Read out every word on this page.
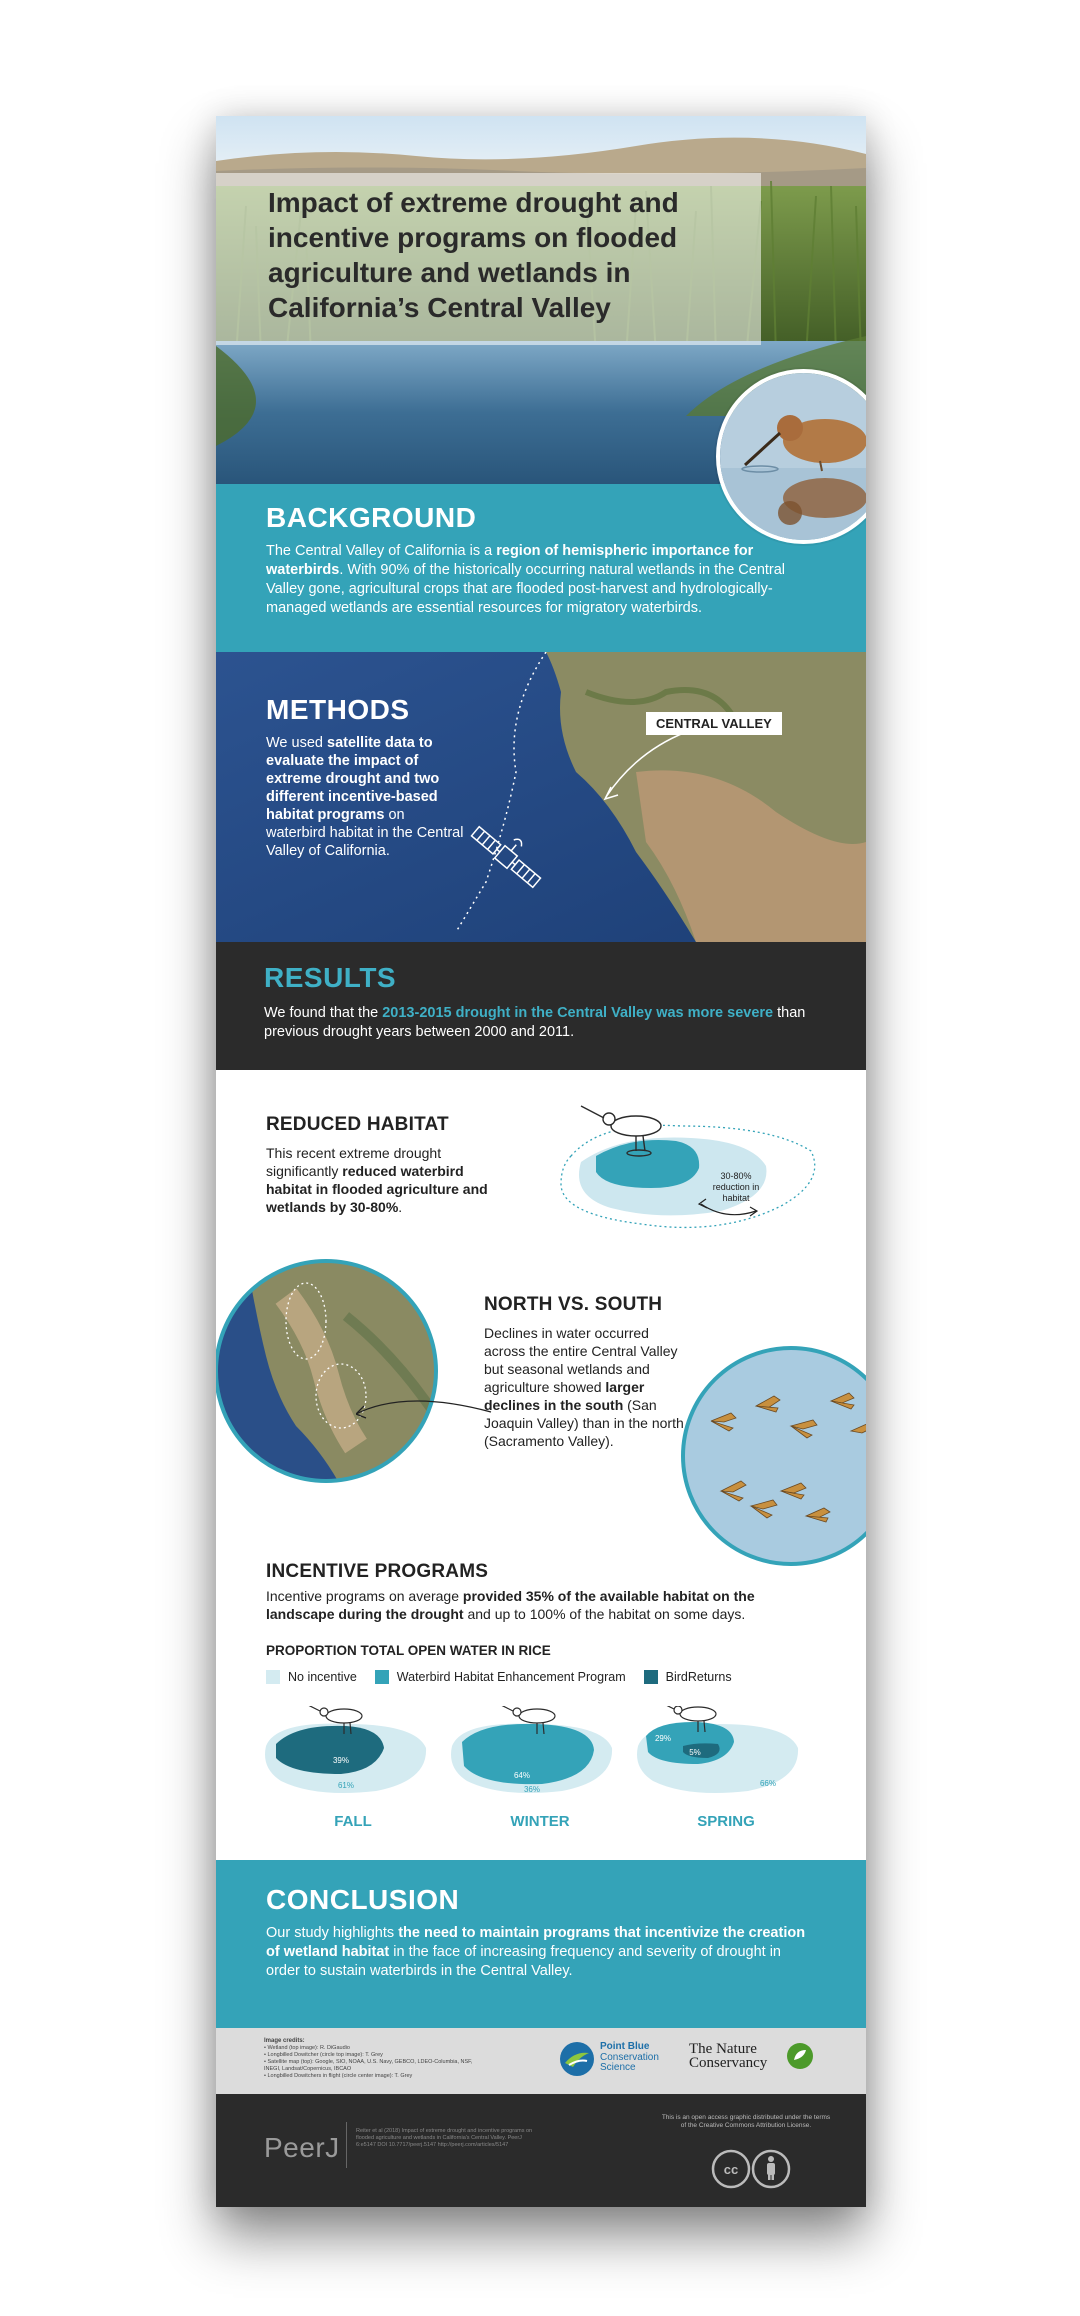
Impact of extreme drought and incentive programs on flooded agriculture and wetlands in California’s Central Valley
BACKGROUND

The Central Valley of California is a region of hemispheric importance for waterbirds. With 90% of the historically occurring natural wetlands in the Central Valley gone, agricultural crops that are flooded post-harvest and hydrologically-managed wetlands are essential resources for migratory waterbirds.

METHODS

We used satellite data to evaluate the impact of extreme drought and two different incentive-based habitat programs on waterbird habitat in the Central Valley of California.

CENTRAL VALLEY
RESULTS

We found that the 2013-2015 drought in the Central Valley was more severe than previous drought years between 2000 and 2011.

REDUCED HABITAT

This recent extreme drought significantly reduced waterbird habitat in flooded agriculture and wetlands by 30-80%.

30-80%
reduction in
habitat
NORTH VS. SOUTH

Declines in water occurred across the entire Central Valley but seasonal wetlands and agriculture showed larger declines in the south (San Joaquin Valley) than in the north (Sacramento Valley).

INCENTIVE PROGRAMS

Incentive programs on average provided 35% of the available habitat on the landscape during the drought and up to 100% of the habitat on some days.

PROPORTION TOTAL OPEN WATER IN RICE
No incentive	Waterbird Habitat Enhancement Program	BirdReturns
39%
61%
FALL
64%
36%
WINTER
29%
5%
66%
SPRING
CONCLUSION

Our study highlights the need to maintain programs that incentivize the creation of wetland habitat in the face of increasing frequency and severity of drought in order to sustain waterbirds in the Central Valley.

Image credits:
• Wetland (top image): R. DiGaudio
• Longbilled Dowitcher (circle top image): T. Grey
• Satellite map (top): Google, SIO, NOAA, U.S. Navy, GEBCO, LDEO-Columbia, NSF, INEGI, Landsat/Copernicus, IBCAO
• Longbilled Dowitchers in flight (circle center image): T. Grey
Point Blue
Conservation
Science
The Nature
Conservancy
PeerJ
Reiter et al (2018) Impact of extreme drought and incentive programs on flooded agriculture and wetlands in California's Central Valley. PeerJ 6:e5147 DOI 10.7717/peerj.5147 http://peerj.com/articles/5147
This is an open access graphic distributed under the terms of the Creative Commons Attribution License.
cc
